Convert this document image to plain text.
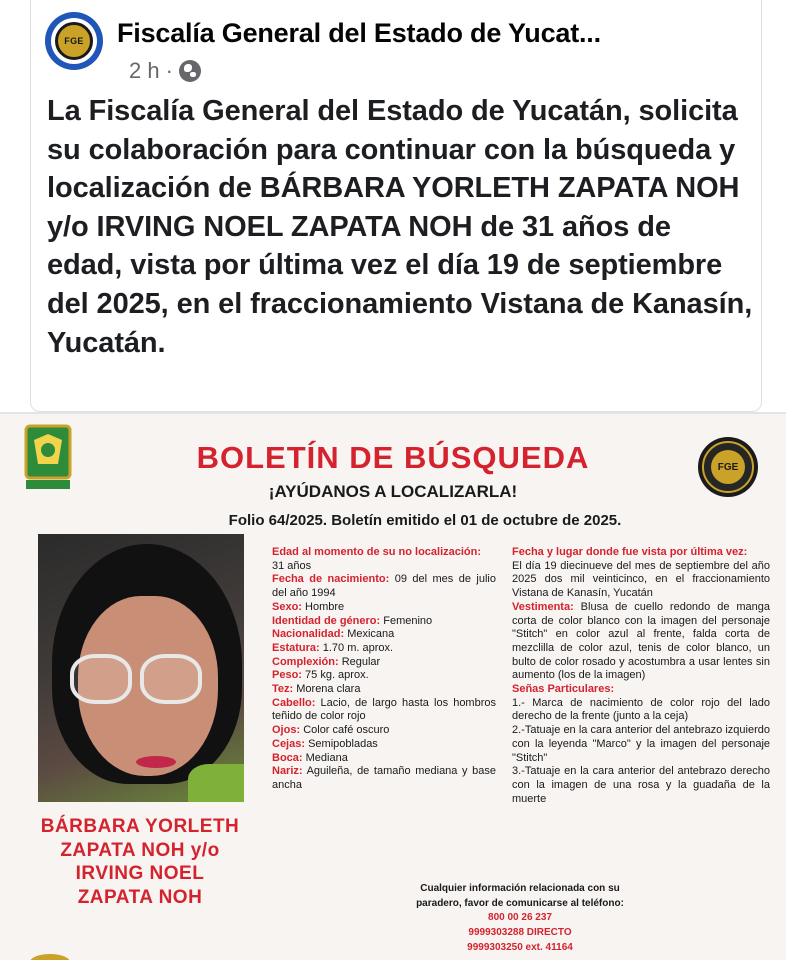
FGE	Fiscalía General del Estado de Yucat...
2 h ·
La Fiscalía General del Estado de Yucatán, solicita su colaboración para continuar con la búsqueda y localización de BÁRBARA YORLETH ZAPATA NOH y/o IRVING NOEL ZAPATA NOH de 31 años de edad, vista por última vez el día 19 de septiembre del 2025, en el fraccionamiento Vistana de Kanasín, Yucatán.
FGE
BOLETÍN DE BÚSQUEDA
¡AYÚDANOS A LOCALIZARLA!
Folio 64/2025. Boletín emitido el 01 de octubre de 2025.
BÁRBARA YORLETH
ZAPATA NOH y/o
IRVING NOEL
ZAPATA NOH
Edad al momento de su no localización:
31 años
Fecha de nacimiento: 09 del mes de julio del año 1994
Sexo: Hombre
Identidad de género: Femenino
Nacionalidad: Mexicana
Estatura: 1.70 m. aprox.
Complexión: Regular
Peso: 75 kg. aprox.
Tez: Morena clara
Cabello: Lacio, de largo hasta los hombros teñido de color rojo
Ojos: Color café oscuro
Cejas: Semipobladas
Boca: Mediana
Nariz: Aguileña, de tamaño mediana y base ancha
Fecha y lugar donde fue vista por última vez:
El día 19 diecinueve del mes de septiembre del año 2025 dos mil veinticinco, en el fraccionamiento Vistana de Kanasín, Yucatán
Vestimenta: Blusa de cuello redondo de manga corta de color blanco con la imagen del personaje "Stitch" en color azul al frente, falda corta de mezclilla de color azul, tenis de color blanco, un bulto de color rosado y acostumbra a usar lentes sin aumento (los de la imagen)
Señas Particulares:
1.- Marca de nacimiento de color rojo del lado derecho de la frente (junto a la ceja)
2.-Tatuaje en la cara anterior del antebrazo izquierdo con la leyenda "Marco" y la imagen del personaje "Stitch"
3.-Tatuaje en la cara anterior del antebrazo derecho con la imagen de una rosa y la guadaña de la muerte
Cualquier información relacionada con su
paradero, favor de comunicarse al teléfono:
800 00 26 237
9999303288 DIRECTO
9999303250 ext. 41164
